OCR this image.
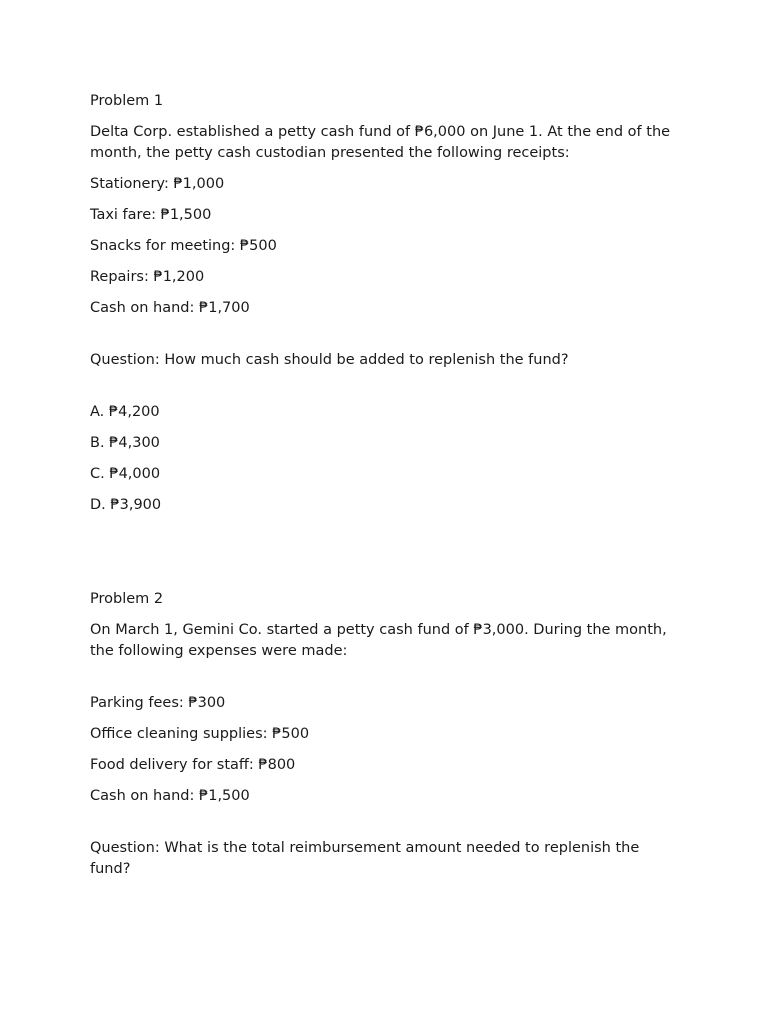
Problem 1

Delta Corp. established a petty cash fund of ₱6,000 on June 1. At the end of the month, the petty cash custodian presented the following receipts:

Stationery: ₱1,000

Taxi fare: ₱1,500

Snacks for meeting: ₱500

Repairs: ₱1,200

Cash on hand: ₱1,700

Question: How much cash should be added to replenish the fund?

A. ₱4,200

B. ₱4,300

C. ₱4,000

D. ₱3,900

Problem 2

On March 1, Gemini Co. started a petty cash fund of ₱3,000. During the month, the following expenses were made:

Parking fees: ₱300

Office cleaning supplies: ₱500

Food delivery for staff: ₱800

Cash on hand: ₱1,500

Question: What is the total reimbursement amount needed to replenish the fund?
